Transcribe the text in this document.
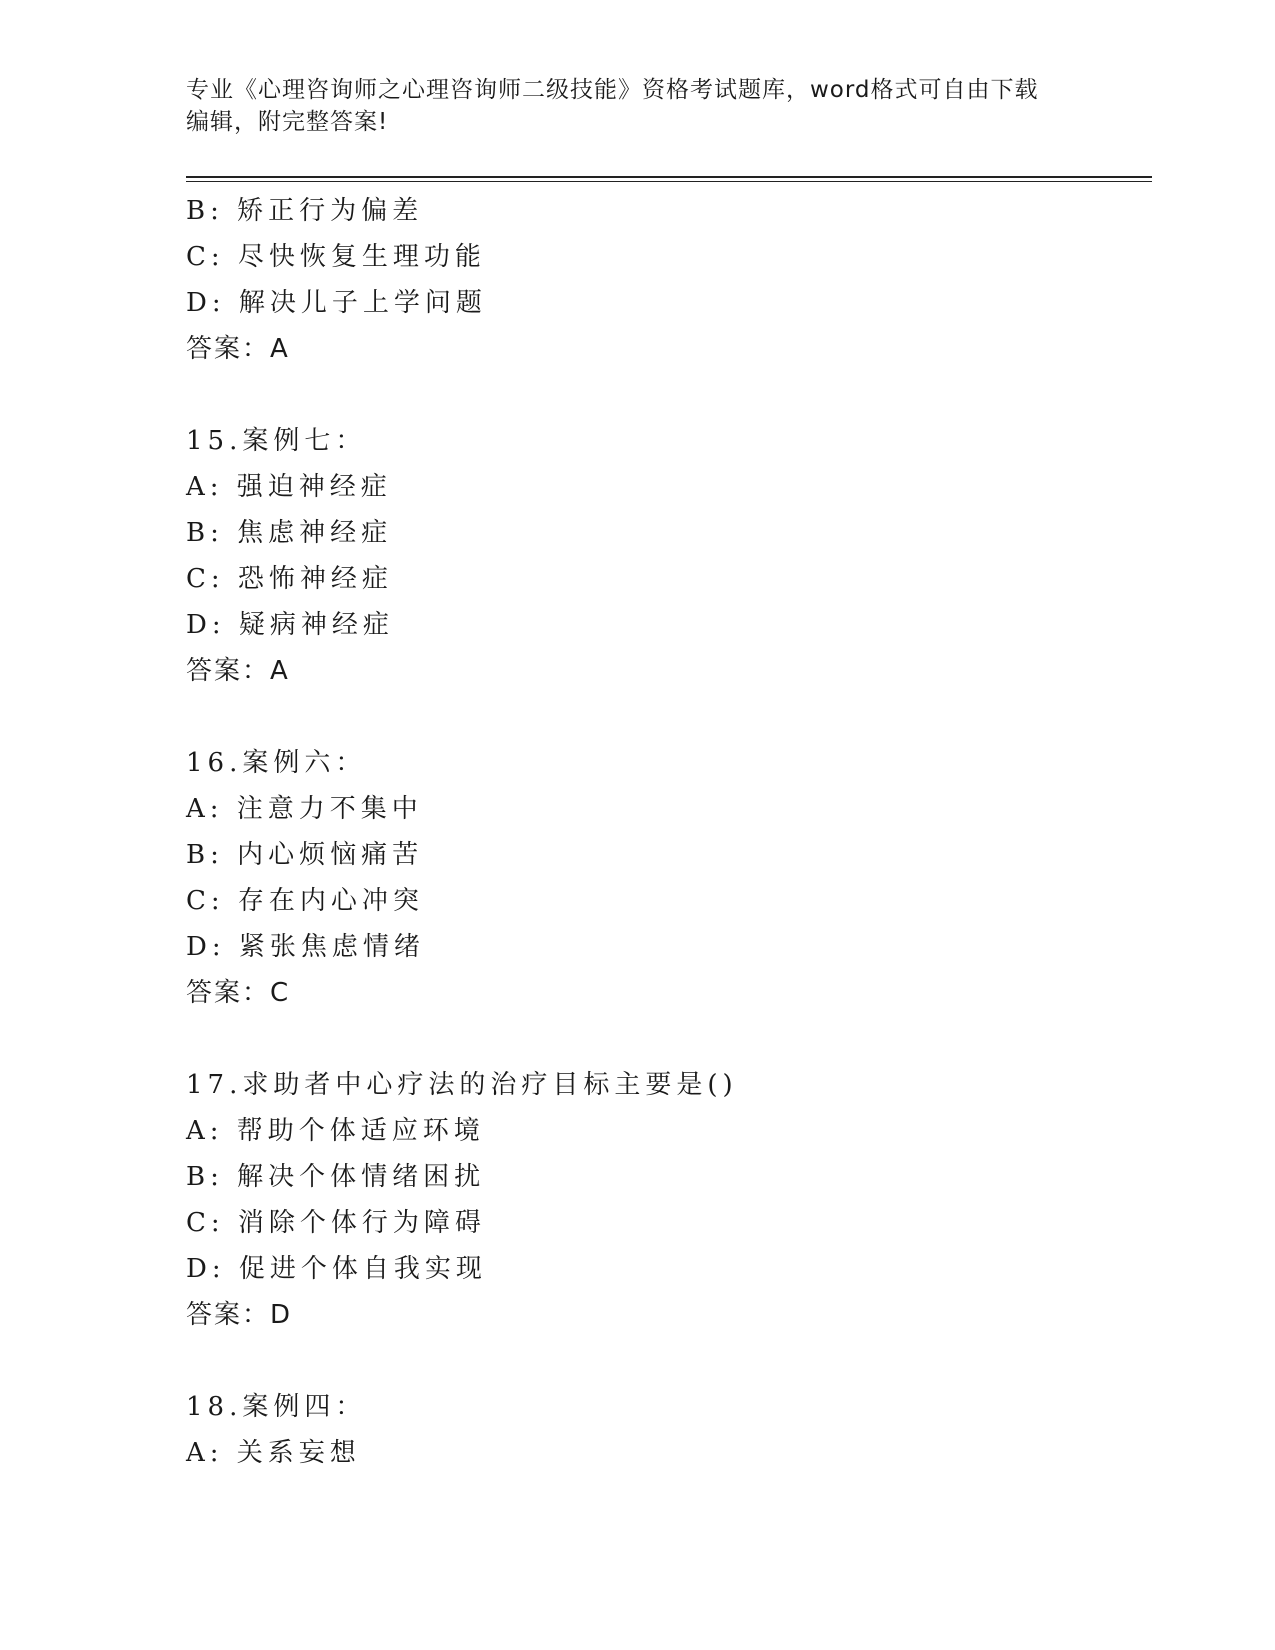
专业《心理咨询师之心理咨询师二级技能》资格考试题库，word格式可自由下载
编辑，附完整答案!
B: 矫正行为偏差
C: 尽快恢复生理功能
D: 解决儿子上学问题
答案：A
15.案例七：
A: 强迫神经症
B: 焦虑神经症
C: 恐怖神经症
D: 疑病神经症
答案：A
16.案例六：
A: 注意力不集中
B: 内心烦恼痛苦
C: 存在内心冲突
D: 紧张焦虑情绪
答案：C
17.求助者中心疗法的治疗目标主要是()
A: 帮助个体适应环境
B: 解决个体情绪困扰
C: 消除个体行为障碍
D: 促进个体自我实现
答案：D
18.案例四：
A: 关系妄想
